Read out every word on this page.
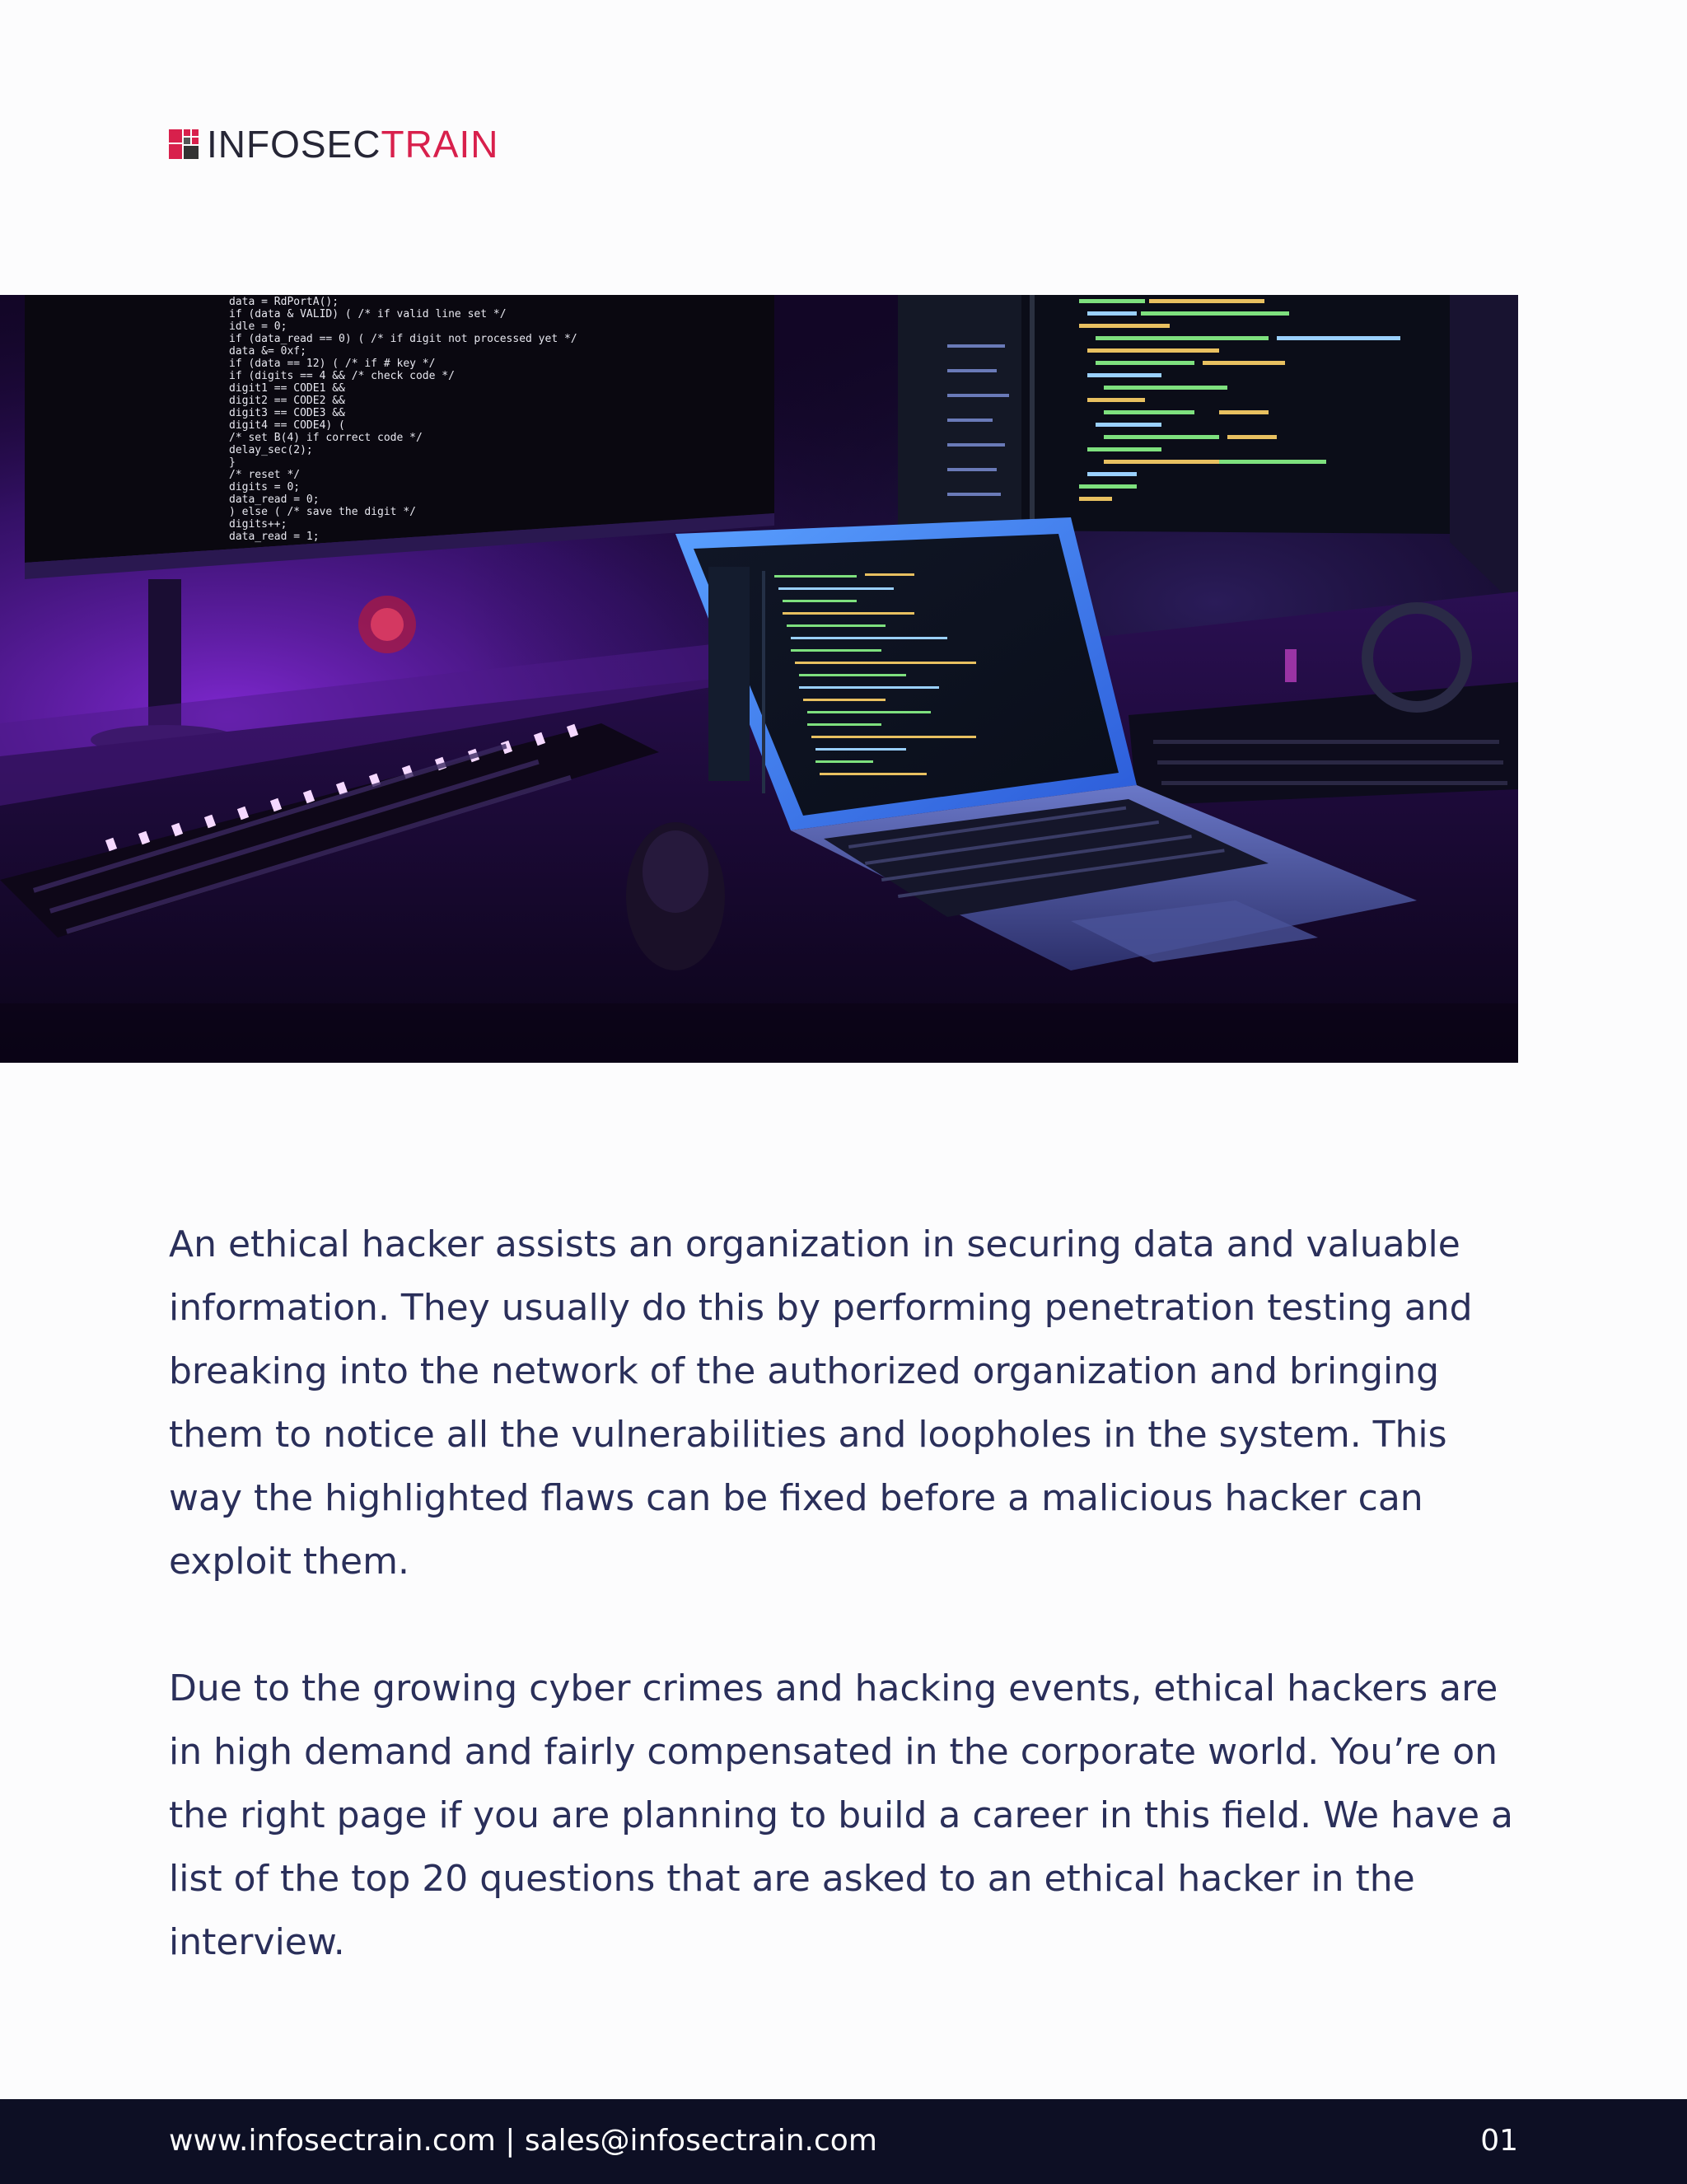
INFOSECTRAIN
data = RdPortA();
if (data & VALID) ( /* if valid line set */
idle = 0;
if (data_read == 0) ( /* if digit not processed yet */
data &= 0xf;
if (data == 12) ( /* if # key */
if (digits == 4 && /* check code */
digit1 == CODE1 &&
digit2 == CODE2 &&
digit3 == CODE3 &&
digit4 == CODE4) (
/* set B(4) if correct code */
delay_sec(2);
}
/* reset */
digits = 0;
data_read = 0;
) else ( /* save the digit */
digits++;
data_read = 1;

An ethical hacker assists an organization in securing data and valuable information. They usually do this by performing penetration testing and breaking into the network of the authorized organization and bringing them to notice all the vulnerabilities and loopholes in the system. This way the highlighted flaws can be fixed before a malicious hacker can exploit them.

Due to the growing cyber crimes and hacking events, ethical hackers are in high demand and fairly compensated in the corporate world. You’re on the right page if you are planning to build a career in this field. We have a list of the top 20 questions that are asked to an ethical hacker in the interview.

www.infosectrain.com | sales@infosectrain.com	01
